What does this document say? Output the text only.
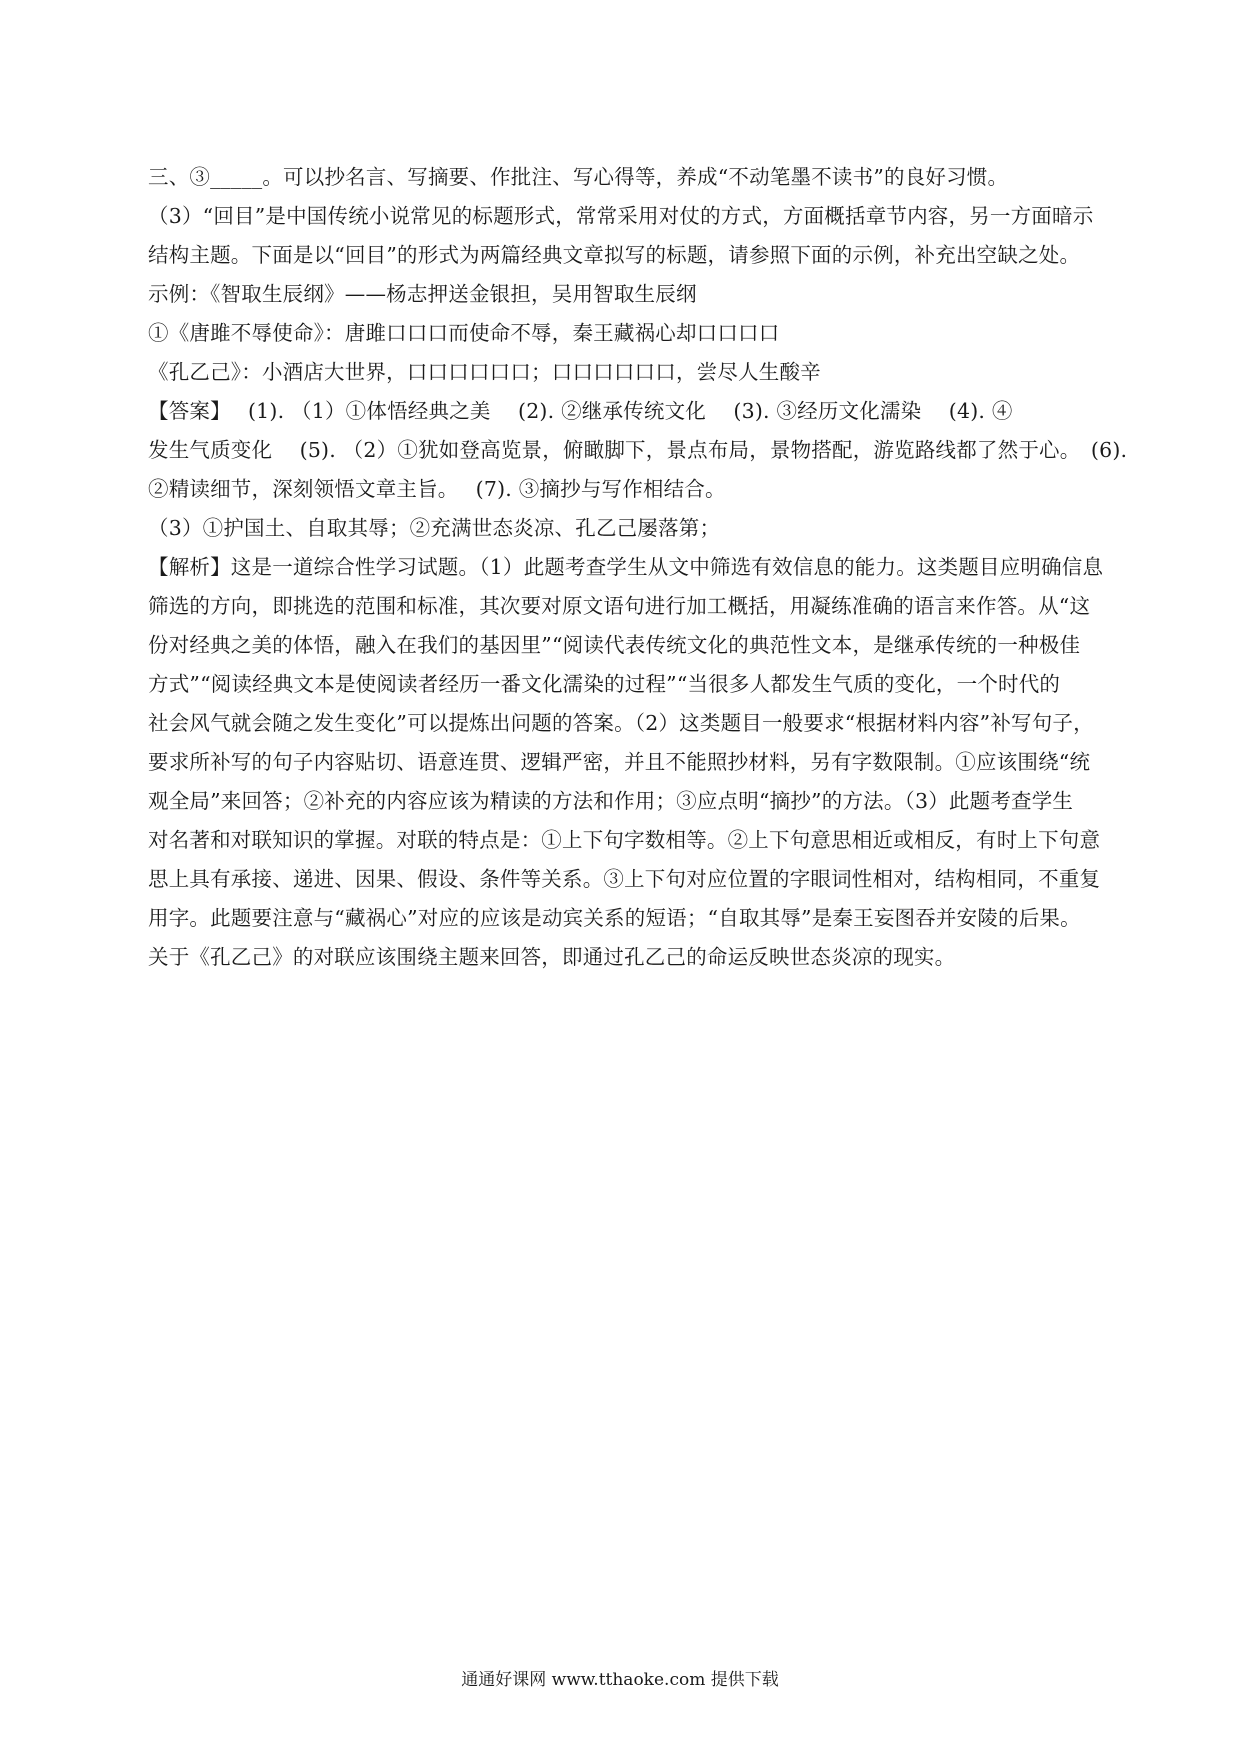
三、③_____。可以抄名言、写摘要、作批注、写心得等，养成“不动笔墨不读书”的良好习惯。
（3）“回目”是中国传统小说常见的标题形式，常常采用对仗的方式，方面概括章节内容，另一方面暗示
结构主题。下面是以“回目”的形式为两篇经典文章拟写的标题，请参照下面的示例，补充出空缺之处。
示例：《智取生辰纲》——杨志押送金银担，吴用智取生辰纲
①《唐雎不辱使命》：唐雎口口口而使命不辱，秦王藏祸心却口口口口
《孔乙己》：小酒店大世界，口口口口口口；口口口口口口，尝尽人生酸辛
【答案】　 (1). （1）①体悟经典之美　 (2). ②继承传统文化　 (3). ③经历文化濡染　 (4). ④
发生气质变化　 (5). （2）①犹如登高览景，俯瞰脚下，景点布局，景物搭配，游览路线都了然于心。　(6).
②精读细节，深刻领悟文章主旨。　 (7). ③摘抄与写作相结合。
（3）①护国土、自取其辱；②充满世态炎凉、孔乙己屡落第；
【解析】这是一道综合性学习试题。（1）此题考查学生从文中筛选有效信息的能力。这类题目应明确信息
筛选的方向，即挑选的范围和标准，其次要对原文语句进行加工概括，用凝练准确的语言来作答。从“这
份对经典之美的体悟，融入在我们的基因里”“阅读代表传统文化的典范性文本，是继承传统的一种极佳
方式”“阅读经典文本是使阅读者经历一番文化濡染的过程”“当很多人都发生气质的变化，一个时代的
社会风气就会随之发生变化”可以提炼出问题的答案。（2）这类题目一般要求“根据材料内容”补写句子，
要求所补写的句子内容贴切、语意连贯、逻辑严密，并且不能照抄材料，另有字数限制。①应该围绕“统
观全局”来回答；②补充的内容应该为精读的方法和作用；③应点明“摘抄”的方法。（3）此题考查学生
对名著和对联知识的掌握。对联的特点是：①上下句字数相等。②上下句意思相近或相反，有时上下句意
思上具有承接、递进、因果、假设、条件等关系。③上下句对应位置的字眼词性相对，结构相同，不重复
用字。此题要注意与“藏祸心”对应的应该是动宾关系的短语；“自取其辱”是秦王妄图吞并安陵的后果。
关于《孔乙己》的对联应该围绕主题来回答，即通过孔乙己的命运反映世态炎凉的现实。
通通好课网 www.tthaoke.com 提供下载
